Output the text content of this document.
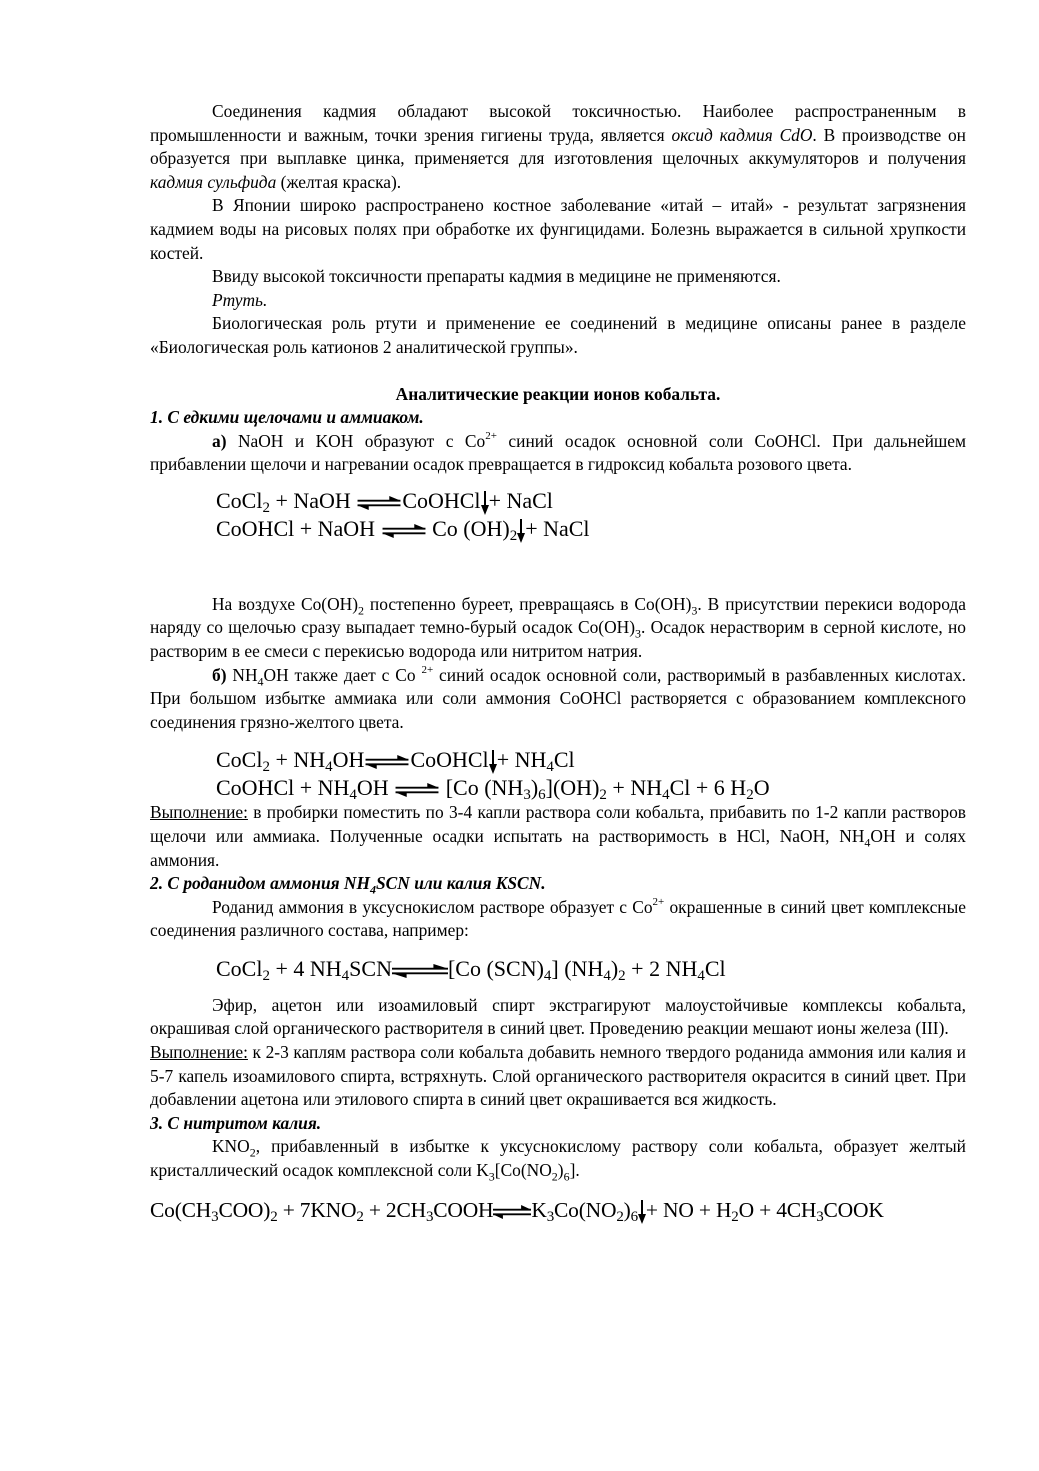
Соединения кадмия обладают высокой токсичностью. Наиболее распространенным в промышленности и важным, точки зрения гигиены труда, является оксид кадмия CdO. В производстве он образуется при выплавке цинка, применяется для изготовления щелочных аккумуляторов и получения кадмия сульфида (желтая краска).

В Японии широко распространено костное заболевание «итай – итай» - результат загрязнения кадмием воды на рисовых полях при обработке их фунгицидами. Болезнь выражается в сильной хрупкости костей.

Ввиду высокой токсичности препараты кадмия в медицине не применяются.

Ртуть.

Биологическая роль ртути и применение ее соединений в медицине описаны ранее в разделе «Биологическая роль катионов 2 аналитической группы».

Аналитические реакции ионов кобальта.

1. С едкими щелочами и аммиаком.

а) NaOH и KOH образуют с $Co^{2+}$ синий осадок основной соли CoOHCl. При дальнейшем прибавлении щелочи и нагревании осадок превращается в гидроксид кобальта розового цвета.

CoCl$_2$ + NaOH CoOHCl + NaCl
CoOHCl + NaOH  Co $(OH)_2$ + NaCl

На воздухе $Co(OH)_2$ постепенно буреет, превращаясь в $Co(OH)_3$. В присутствии перекиси водорода наряду со щелочью сразу выпадает темно-бурый осадок $Co(OH)_3$. Осадок нерастворим в серной кислоте, но растворим в ее смеси с перекисью водорода или нитритом натрия.

б) $NH_4OH$ также дает с Co $^{2+}$ синий осадок основной соли, растворимый в разбавленных кислотах. При большом избытке аммиака или соли аммония CoOHCl растворяется с образованием комплексного соединения грязно-желтого цвета.

CoCl$_2$ + $NH_4OH$ CoOHCl + $NH_4Cl$
CoOHCl + $NH_4OH$  [Co $(NH_3)_6](OH)_2 + NH_4Cl + 6$ $H_2O$

Выполнение: в пробирки поместить по 3-4 капли раствора соли кобальта, прибавить по 1-2 капли растворов щелочи или аммиака. Полученные осадки испытать на растворимость в HCl, NaOH, $NH_4OH$ и солях аммония.

2. С роданидом аммония $NH_4SCN$ или калия KSCN.

Роданид аммония в уксуснокислом растворе образует с $Co^{2+}$ окрашенные в синий цвет комплексные соединения различного состава, например:

CoCl$_2$ + 4 $NH_4SCN$	[Co $(SCN)_4$] $(NH_4)_2 + 2$ $NH_4Cl$

Эфир, ацетон или изоамиловый спирт экстрагируют малоустойчивые комплексы кобальта, окрашивая слой органического растворителя в синий цвет. Проведению реакции мешают ионы железа (III).

Выполнение: к 2-3 каплям раствора соли кобальта добавить немного твердого роданида аммония или калия и 5-7 капель изоамилового спирта, встряхнуть. Слой органического растворителя окрасится в синий цвет. При добавлении ацетона или этилового спирта в синий цвет окрашивается вся жидкость.

3. С нитритом калия.

$KNO_2$, прибавленный в избытке к уксуснокислому раствору соли кобальта, образует желтый кристаллический осадок комплексной соли $K_3[Co(NO_2)_6]$.

$Co(CH_3COO)_2 + 7KNO_2$ + $2CH_3COOH$ $K_3Co(NO_2)_6$ + NO + $H_2O$ + $4CH_3COOK$
